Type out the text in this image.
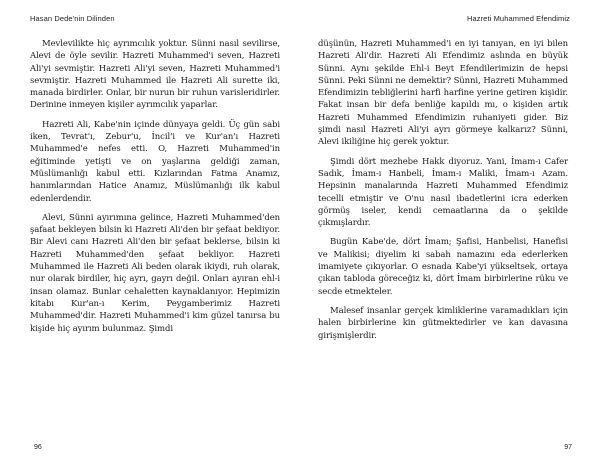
Hasan Dede'nin Dilinden

Mevlevilikte hiç ayrımcılık yoktur. Sünni nasıl sevilirse, Alevi de öyle sevilir. Hazreti Muhammed'i seven, Hazreti Ali'yi sevmiştir. Hazreti Ali'yi seven, Hazreti Muhammed'i sevmiştir. Hazreti Muhammed ile Hazreti Ali surette iki, manada birdirler. Onlar, bir nurun bir ruhun varisleridirler. Derinine inmeyen kişiler ayrımcılık yaparlar.

Hazreti Ali, Kabe'nin içinde dünyaya geldi. Üç gün sabi iken, Tevrat'ı, Zebur'u, İncil'i ve Kur'an'ı Hazreti Muhammed'e nefes etti. O, Hazreti Muhammed'in eğitiminde yetişti ve on yaşlarına geldiği zaman, Müslümanlığı kabul etti. Kızlarından Fatma Anamız, hanımlarından Hatice Anamız, Müslümanlığı ilk kabul edenlerdendir.

Alevi, Sünni ayırımına gelince, Hazreti Muhammed'den şafaat bekleyen bilsin ki Hazreti Ali'den bir şefaat bekliyor. Bir Alevi canı Hazreti Ali'den bir şefaat beklerse, bilsin ki Hazreti Muhammed'den şefaat bekliyor. Hazreti Muhammed ile Hazreti Ali beden olarak ikiydi, ruh olarak, nur olarak birdiler, hiç ayrı, gayrı değil. Onları ayıran ehl-i insan olamaz. Bunlar cehaletten kaynaklanıyor. Hepimizin kitabı Kur'an-ı Kerim, Peygamberimiz Hazreti Muhammed'dir. Hazreti Muhammed'i kim güzel tanırsa bu kişide hiç ayırım bulunmaz. Şimdi

96
Hazreti Muhammed Efendimiz

düşünün, Hazreti Muhammed'i en iyi tanıyan, en iyi bilen Hazreti Ali'dir. Hazreti Ali Efendimiz aslında en büyük Sünni. Aynı şekilde Ehl-i Beyt Efendilerimizin de hepsi Sünni. Peki Sünni ne demektir? Sünni, Hazreti Muhammed Efendimizin tebliğlerini harfi harfine yerine getiren kişidir. Fakat insan bir defa benliğe kapıldı mı, o kişiden artık Hazreti Muhammed Efendimizin ruhaniyeti gider. Biz şimdi nasıl Hazreti Ali'yi ayrı görmeye kalkarız? Sünni, Alevi ikiliğine hiç gerek yoktur.

Şimdi dört mezhebe Hakk diyoruz. Yani, İmam-ı Cafer Sadık, İmam-ı Hanbeli, İmam-ı Maliki, İmam-ı Azam. Hepsinin manalarında Hazreti Muhammed Efendimiz tecelli etmiştir ve O'nu nasıl ibadetlerini icra ederken görmüş iseler, kendi cemaatlarına da o şekilde çıkmışlardır.

Bugün Kabe'de, dört İmam; Şafisi, Hanbelisi, Hanefisi ve Malikisi; diyelim ki sabah namazını eda ederlerken imamiyete çıkıyorlar. O esnada Kabe'yi yükseltsek, ortaya çıkan tabloda göreceğiz ki, dört İmam birbirlerine rüku ve secde etmekteler.

Malesef insanlar gerçek kimliklerine varamadıkları için halen birbirlerine kin gütmektedirler ve kan davasına girişmişlerdir.

97
